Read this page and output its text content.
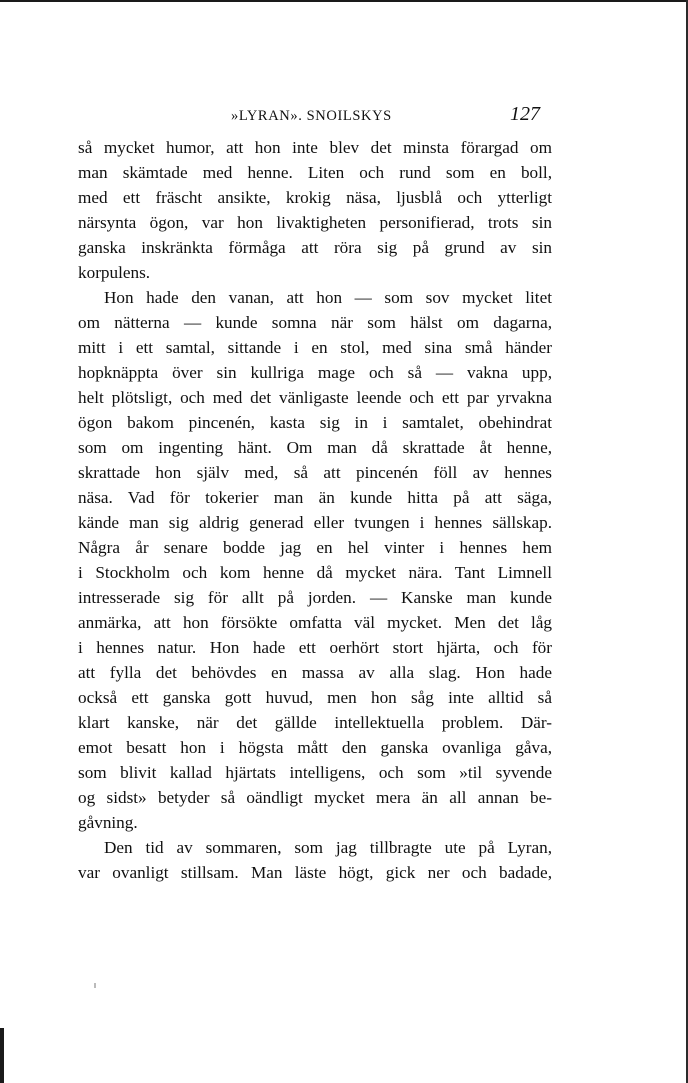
»LYRAN». SNOILSKYS	127
så mycket humor, att hon inte blev det minsta förargad om
man skämtade med henne. Liten och rund som en boll,
med ett fräscht ansikte, krokig näsa, ljusblå och ytterligt
närsynta ögon, var hon livaktigheten personifierad, trots sin
ganska inskränkta förmåga att röra sig på grund av sin
korpulens.
Hon hade den vanan, att hon — som sov mycket litet
om nätterna — kunde somna när som hälst om dagarna,
mitt i ett samtal, sittande i en stol, med sina små händer
hopknäppta över sin kullriga mage och så — vakna upp,
helt plötsligt, och med det vänligaste leende och ett par yrvakna
ögon bakom pincenén, kasta sig in i samtalet, obehindrat
som om ingenting hänt. Om man då skrattade åt henne,
skrattade hon själv med, så att pincenén föll av hennes
näsa. Vad för tokerier man än kunde hitta på att säga,
kände man sig aldrig generad eller tvungen i hennes sällskap.
Några år senare bodde jag en hel vinter i hennes hem
i Stockholm och kom henne då mycket nära. Tant Limnell
intresserade sig för allt på jorden. — Kanske man kunde
anmärka, att hon försökte omfatta väl mycket. Men det låg
i hennes natur. Hon hade ett oerhört stort hjärta, och för
att fylla det behövdes en massa av alla slag. Hon hade
också ett ganska gott huvud, men hon såg inte alltid så
klart kanske, när det gällde intellektuella problem. Där-
emot besatt hon i högsta mått den ganska ovanliga gåva,
som blivit kallad hjärtats intelligens, och som »til syvende
og sidst» betyder så oändligt mycket mera än all annan be-
gåvning.
Den tid av sommaren, som jag tillbragte ute på Lyran,
var ovanligt stillsam. Man läste högt, gick ner och badade,
